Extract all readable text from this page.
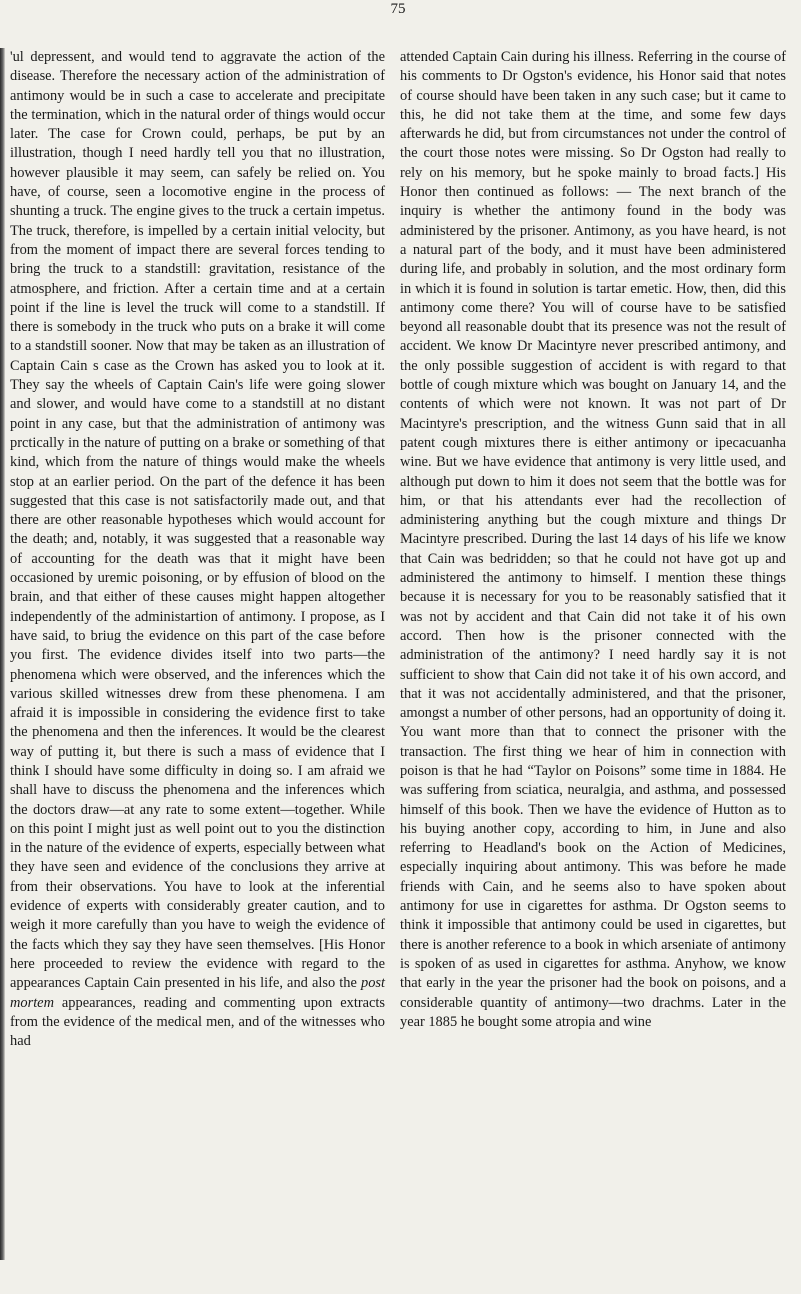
75

'ul depressent, and would tend to aggravate the action of the disease. Therefore the necessary action of the administration of antimony would be in such a case to accelerate and precipitate the termination, which in the natural order of things would occur later. The case for Crown could, perhaps, be put by an illustration, though I need hardly tell you that no illustration, however plausible it may seem, can safely be relied on. You have, of course, seen a locomotive engine in the process of shunting a truck. The engine gives to the truck a certain impetus. The truck, therefore, is impelled by a certain initial velocity, but from the moment of impact there are several forces tending to bring the truck to a standstill: gravitation, resistance of the atmosphere, and friction. After a certain time and at a certain point if the line is level the truck will come to a standstill. If there is somebody in the truck who puts on a brake it will come to a standstill sooner. Now that may be taken as an illustration of Captain Cain s case as the Crown has asked you to look at it. They say the wheels of Captain Cain's life were going slower and slower, and would have come to a standstill at no distant point in any case, but that the administration of antimony was prctically in the nature of putting on a brake or something of that kind, which from the nature of things would make the wheels stop at an earlier period. On the part of the defence it has been suggested that this case is not satisfactorily made out, and that there are other reasonable hypotheses which would account for the death; and, notably, it was suggested that a reasonable way of accounting for the death was that it might have been occasioned by uremic poisoning, or by effusion of blood on the brain, and that either of these causes might happen altogether independently of the administartion of antimony. I propose, as I have said, to briug the evidence on this part of the case before you first. The evidence divides itself into two parts—the phenomena which were observed, and the inferences which the various skilled witnesses drew from these phenomena. I am afraid it is impossible in considering the evidence first to take the phenomena and then the inferences. It would be the clearest way of putting it, but there is such a mass of evidence that I think I should have some difficulty in doing so. I am afraid we shall have to discuss the phenomena and the inferences which the doctors draw—at any rate to some extent—together. While on this point I might just as well point out to you the distinction in the nature of the evidence of experts, especially between what they have seen and evidence of the conclusions they arrive at from their observations. You have to look at the inferential evidence of experts with considerably greater caution, and to weigh it more carefully than you have to weigh the evidence of the facts which they say they have seen themselves. [His Honor here proceeded to review the evidence with regard to the appearances Captain Cain presented in his life, and also the post mortem appearances, reading and commenting upon extracts from the evidence of the medical men, and of the witnesses who had

attended Captain Cain during his illness. Referring in the course of his comments to Dr Ogston's evidence, his Honor said that notes of course should have been taken in any such case; but it came to this, he did not take them at the time, and some few days afterwards he did, but from circumstances not under the control of the court those notes were missing. So Dr Ogston had really to rely on his memory, but he spoke mainly to broad facts.] His Honor then continued as follows: — The next branch of the inquiry is whether the antimony found in the body was administered by the prisoner. Antimony, as you have heard, is not a natural part of the body, and it must have been administered during life, and probably in solution, and the most ordinary form in which it is found in solution is tartar emetic. How, then, did this antimony come there? You will of course have to be satisfied beyond all reasonable doubt that its presence was not the result of accident. We know Dr Macintyre never prescribed antimony, and the only possible suggestion of accident is with regard to that bottle of cough mixture which was bought on January 14, and the contents of which were not known. It was not part of Dr Macintyre's prescription, and the witness Gunn said that in all patent cough mixtures there is either antimony or ipecacuanha wine. But we have evidence that antimony is very little used, and although put down to him it does not seem that the bottle was for him, or that his attendants ever had the recollection of administering anything but the cough mixture and things Dr Macintyre prescribed. During the last 14 days of his life we know that Cain was bedridden; so that he could not have got up and administered the antimony to himself. I mention these things because it is necessary for you to be reasonably satisfied that it was not by accident and that Cain did not take it of his own accord. Then how is the prisoner connected with the administration of the antimony? I need hardly say it is not sufficient to show that Cain did not take it of his own accord, and that it was not accidentally administered, and that the prisoner, amongst a number of other persons, had an opportunity of doing it. You want more than that to connect the prisoner with the transaction. The first thing we hear of him in connection with poison is that he had “Taylor on Poisons” some time in 1884. He was suffering from sciatica, neuralgia, and asthma, and possessed himself of this book. Then we have the evidence of Hutton as to his buying another copy, according to him, in June and also referring to Headland's book on the Action of Medicines, especially inquiring about antimony. This was before he made friends with Cain, and he seems also to have spoken about antimony for use in cigarettes for asthma. Dr Ogston seems to think it impossible that antimony could be used in cigarettes, but there is another reference to a book in which arseniate of antimony is spoken of as used in cigarettes for asthma. Anyhow, we know that early in the year the prisoner had the book on poisons, and a considerable quantity of antimony—two drachms. Later in the year 1885 he bought some atropia and wine
